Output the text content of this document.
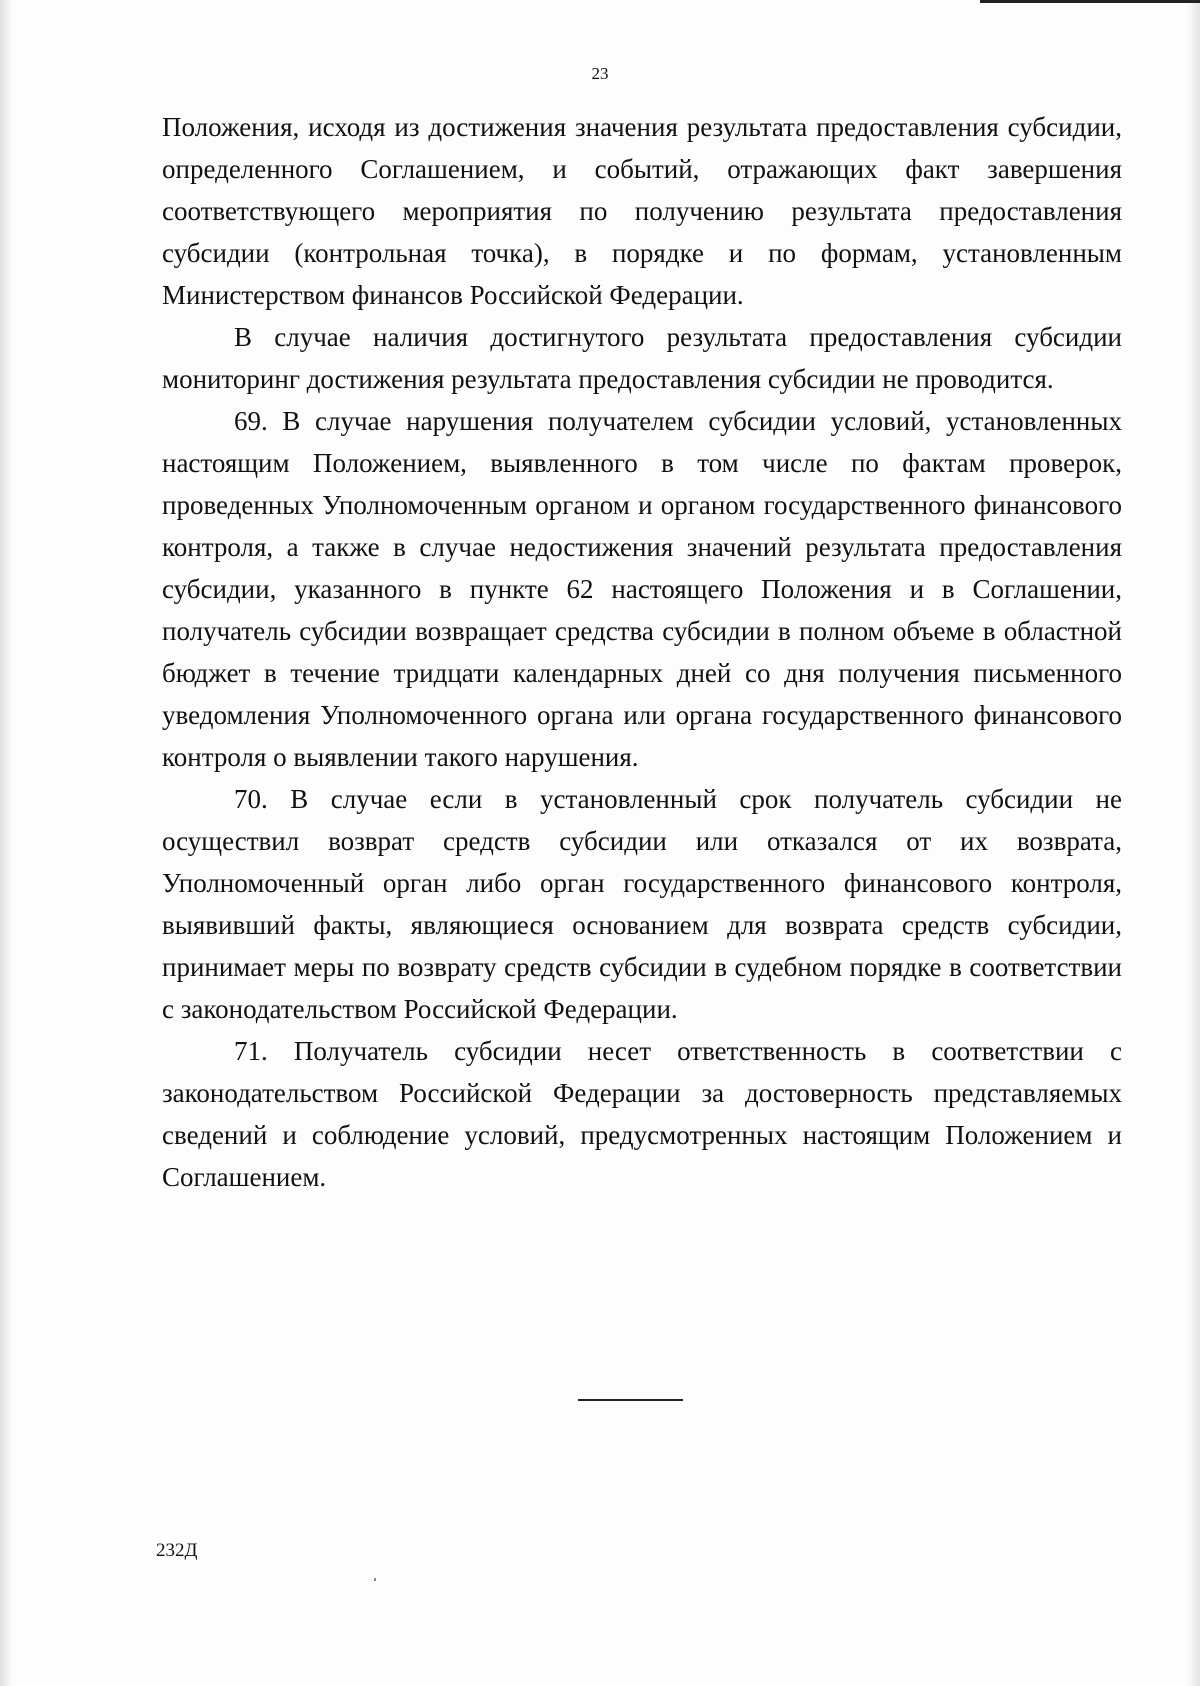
23

Положения, исходя из достижения значения результата предоставления субсидии, определенного Соглашением, и событий, отражающих факт завершения соответствующего мероприятия по получению результата предоставления субсидии (контрольная точка), в порядке и по формам, установленным Министерством финансов Российской Федерации.

В случае наличия достигнутого результата предоставления субсидии мониторинг достижения результата предоставления субсидии не проводится.

69. В случае нарушения получателем субсидии условий, установленных настоящим Положением, выявленного в том числе по фактам проверок, проведенных Уполномоченным органом и органом государственного финансового контроля, а также в случае недостижения значений результата предоставления субсидии, указанного в пункте 62 настоящего Положения и в Соглашении, получатель субсидии возвращает средства субсидии в полном объеме в областной бюджет в течение тридцати календарных дней со дня получения письменного уведомления Уполномоченного органа или органа государственного финансового контроля о выявлении такого нарушения.

70. В случае если в установленный срок получатель субсидии не осуществил возврат средств субсидии или отказался от их возврата, Уполномоченный орган либо орган государственного финансового контроля, выявивший факты, являющиеся основанием для возврата средств субсидии, принимает меры по возврату средств субсидии в судебном порядке в соответствии с законодательством Российской Федерации.

71. Получатель субсидии несет ответственность в соответствии с законодательством Российской Федерации за достоверность представляемых сведений и соблюдение условий, предусмотренных настоящим Положением и Соглашением.

232Д
